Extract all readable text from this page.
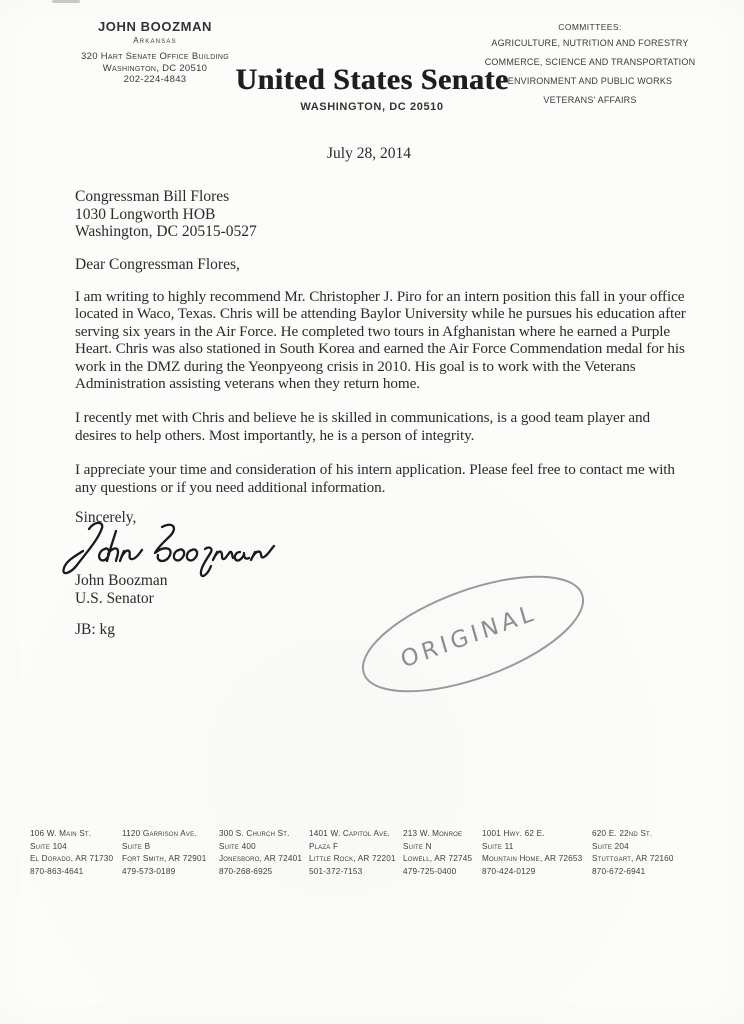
JOHN BOOZMAN
Arkansas
320 Hart Senate Office Building
Washington, DC 20510
202-224-4843	United States Senate
WASHINGTON, DC 20510
COMMITTEES:
AGRICULTURE, NUTRITION AND FORESTRY
COMMERCE, SCIENCE AND TRANSPORTATION
ENVIRONMENT AND PUBLIC WORKS
VETERANS' AFFAIRS
July 28, 2014
Congressman Bill Flores
1030 Longworth HOB
Washington, DC 20515-0527
Dear Congressman Flores,

I am writing to highly recommend Mr. Christopher J. Piro for an intern position this fall in your office located in Waco, Texas. Chris will be attending Baylor University while he pursues his education after serving six years in the Air Force. He completed two tours in Afghanistan where he earned a Purple Heart. Chris was also stationed in South Korea and earned the Air Force Commendation medal for his work in the DMZ during the Yeonpyeong crisis in 2010. His goal is to work with the Veterans Administration assisting veterans when they return home.

I recently met with Chris and believe he is skilled in communications, is a good team player and desires to help others. Most importantly, he is a person of integrity.

I appreciate your time and consideration of his intern application. Please feel free to contact me with any questions or if you need additional information.

Sincerely,
John Boozman
U.S. Senator
JB: kg	ORIGINAL
106 W. Main St.
Suite 104
El Dorado, AR 71730
870-863-4641
1120 Garrison Ave.
Suite B
Fort Smith, AR 72901
479-573-0189
300 S. Church St.
Suite 400
Jonesboro, AR 72401
870-268-6925
1401 W. Capitol Ave.
Plaza F
Little Rock, AR 72201
501-372-7153
213 W. Monroe
Suite N
Lowell, AR 72745
479-725-0400
1001 Hwy. 62 E.
Suite 11
Mountain Home, AR 72653
870-424-0129
620 E. 22nd St.
Suite 204
Stuttgart, AR 72160
870-672-6941
